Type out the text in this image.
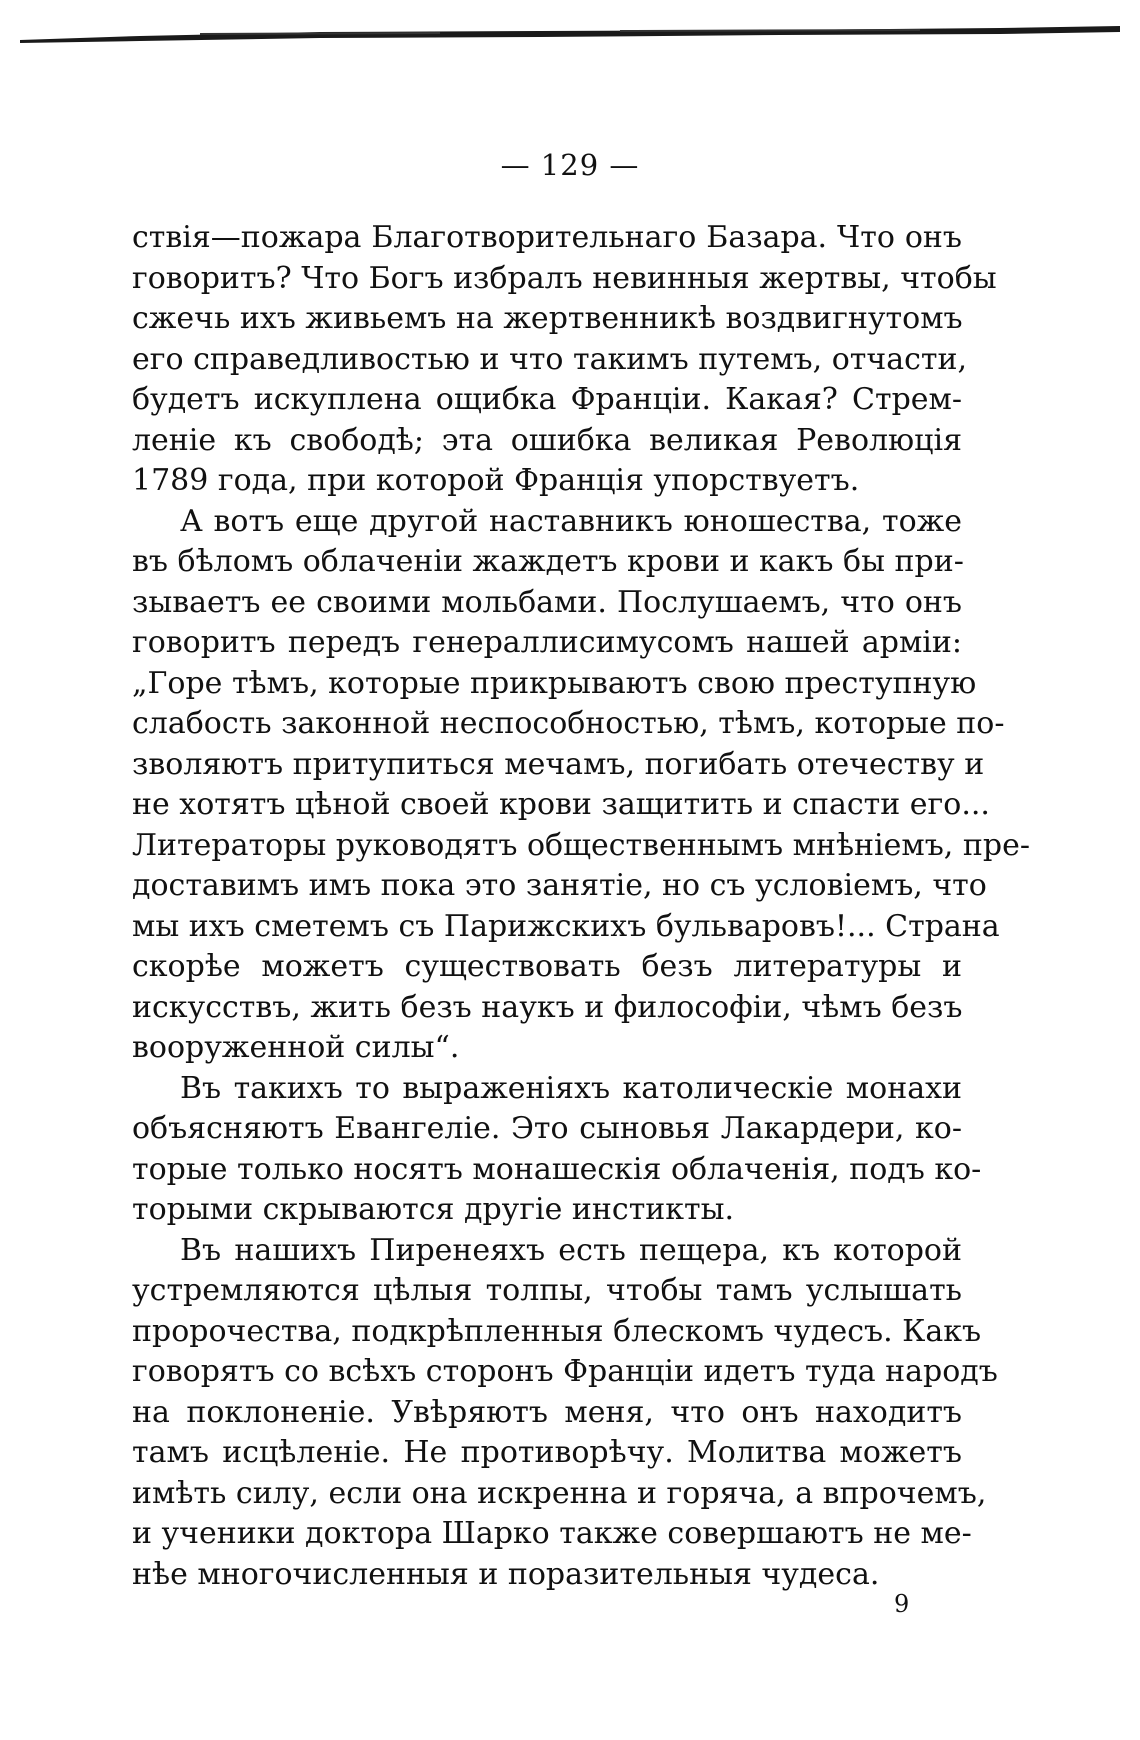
— 129 —
ствія—пожара Благотворительнаго Базара. Что онъ
говоритъ? Что Богъ избралъ невинныя жертвы, чтобы
сжечь ихъ живьемъ на жертвенникѣ воздвигнутомъ
его справедливостью и что такимъ путемъ, отчасти,
будетъ искуплена ощибка Франціи. Какая? Стрем-
леніе къ свободѣ; эта ошибка великая Революція
1789 года, при которой Франція упорствуетъ.
А вотъ еще другой наставникъ юношества, тоже
въ бѣломъ облаченіи жаждетъ крови и какъ бы при-
зываетъ ее своими мольбами. Послушаемъ, что онъ
говоритъ передъ генераллисимусомъ нашей арміи:
„Горе тѣмъ, которые прикрываютъ свою преступную
слабость законной неспособностью, тѣмъ, которые по-
зволяютъ притупиться мечамъ, погибать отечеству и
не хотятъ цѣной своей крови защитить и спасти его...
Литераторы руководятъ общественнымъ мнѣніемъ, пре-
доставимъ имъ пока это занятіе, но съ условіемъ, что
мы ихъ сметемъ съ Парижскихъ бульваровъ!... Страна
скорѣе можетъ существовать безъ литературы и
искусствъ, жить безъ наукъ и философіи, чѣмъ безъ
вооруженной силы“.
Въ такихъ то выраженіяхъ католическіе монахи
объясняютъ Евангеліе. Это сыновья Лакардери, ко-
торые только носятъ монашескія облаченія, подъ ко-
торыми скрываются другіе инстикты.
Въ нашихъ Пиренеяхъ есть пещера, къ которой
устремляются цѣлыя толпы, чтобы тамъ услышать
пророчества, подкрѣпленныя блескомъ чудесъ. Какъ
говорятъ со всѣхъ сторонъ Франціи идетъ туда народъ
на поклоненіе. Увѣряютъ меня, что онъ находитъ
тамъ исцѣленіе. Не противорѣчу. Молитва можетъ
имѣть силу, если она искренна и горяча, а впрочемъ,
и ученики доктора Шарко также совершаютъ не ме-
нѣе многочисленныя и поразительныя чудеса.
9
